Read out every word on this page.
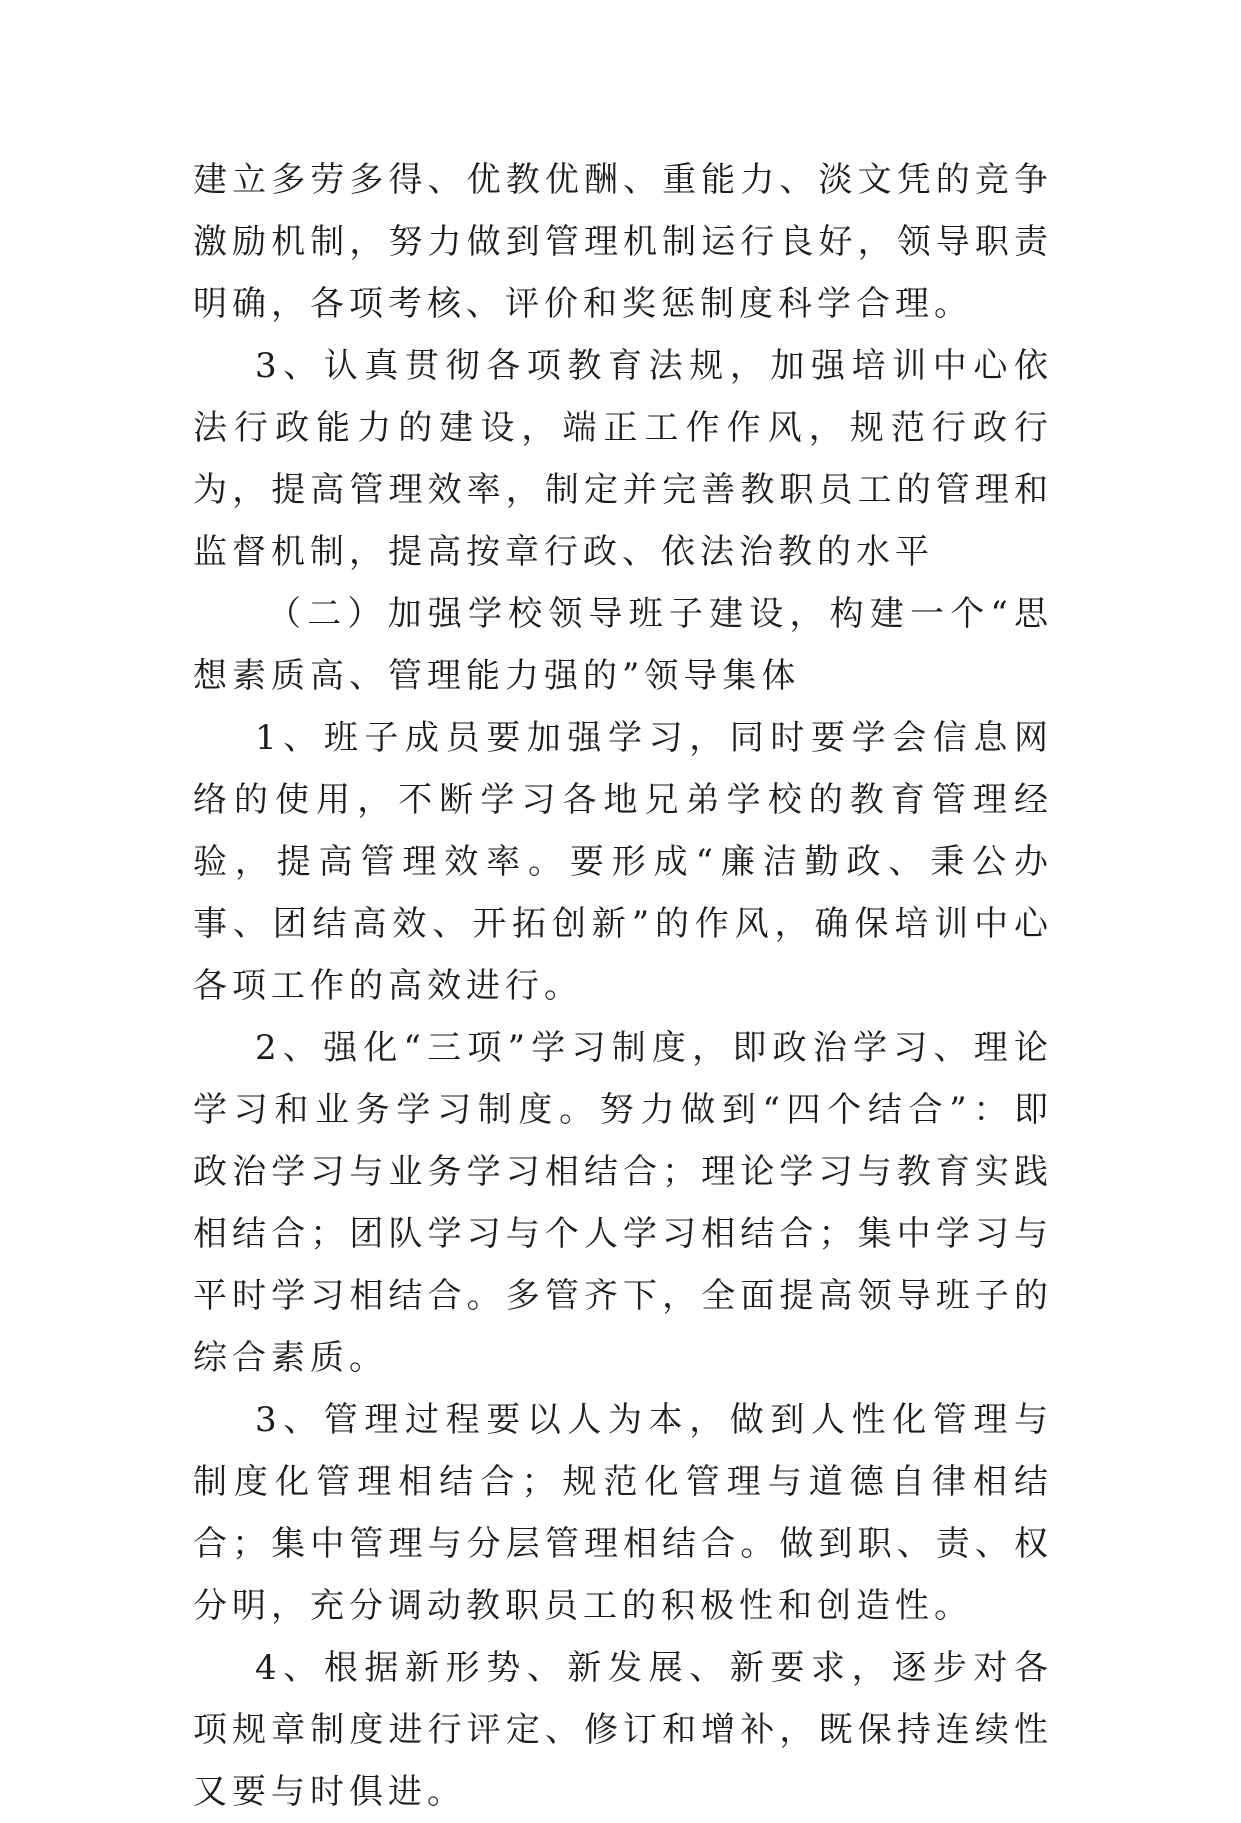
建立多劳多得、优教优酬、重能力、淡文凭的竞争激励机制，努力做到管理机制运行良好，领导职责明确，各项考核、评价和奖惩制度科学合理。

3、认真贯彻各项教育法规，加强培训中心依法行政能力的建设，端正工作作风，规范行政行为，提高管理效率，制定并完善教职员工的管理和监督机制，提高按章行政、依法治教的水平

（二）加强学校领导班子建设，构建一个“思想素质高、管理能力强的”领导集体

1、班子成员要加强学习，同时要学会信息网络的使用，不断学习各地兄弟学校的教育管理经验，提高管理效率。要形成“廉洁勤政、秉公办事、团结高效、开拓创新”的作风，确保培训中心各项工作的高效进行。

2、强化“三项”学习制度，即政治学习、理论学习和业务学习制度。努力做到“四个结合”：即政治学习与业务学习相结合；理论学习与教育实践相结合；团队学习与个人学习相结合；集中学习与平时学习相结合。多管齐下，全面提高领导班子的综合素质。

3、管理过程要以人为本，做到人性化管理与制度化管理相结合；规范化管理与道德自律相结合；集中管理与分层管理相结合。做到职、责、权分明，充分调动教职员工的积极性和创造性。

4、根据新形势、新发展、新要求，逐步对各项规章制度进行评定、修订和增补，既保持连续性又要与时俱进。
